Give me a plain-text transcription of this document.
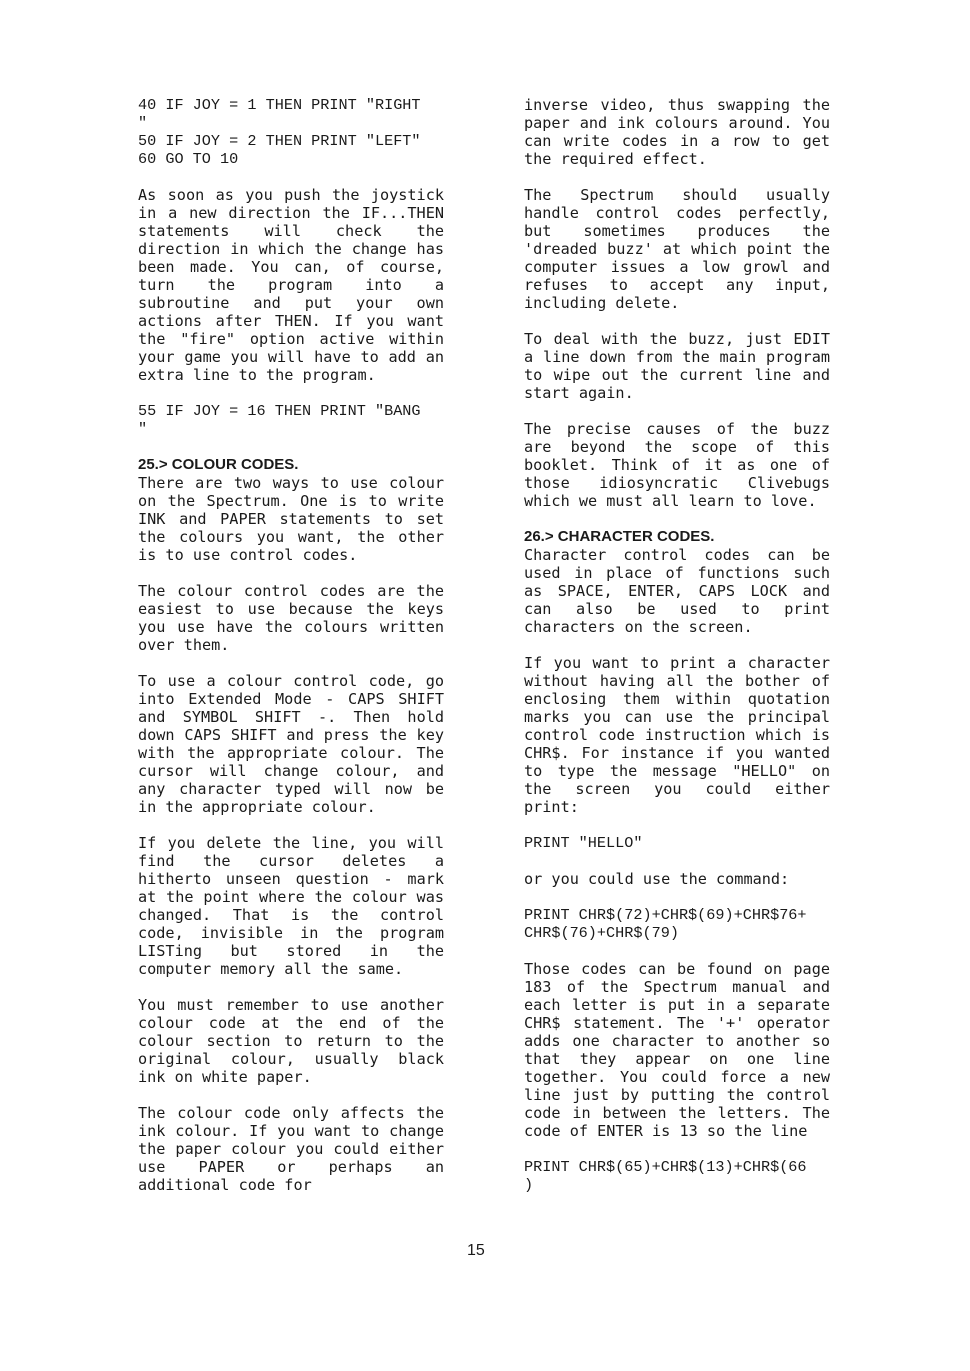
40 IF JOY = 1 THEN PRINT "RIGHT
"
50 IF JOY = 2 THEN PRINT "LEFT"
60 GO TO 10
As soon as you push the joystick in a new direction the IF...THEN statements will check the direction in which the change has been made. You can, of course, turn the program into a subroutine and put your own actions after THEN. If you want the "fire" option active within your game you will have to add an extra line to the program.
55 IF JOY = 16 THEN PRINT "BANG
"
25.> COLOUR CODES.
There are two ways to use colour on the Spectrum. One is to write INK and PAPER statements to set the colours you want, the other is to use control codes.
The colour control codes are the easiest to use because the keys you use have the colours written over them.
To use a colour control code, go into Extended Mode - CAPS SHIFT and SYMBOL SHIFT -. Then hold down CAPS SHIFT and press the key with the appropriate colour. The cursor will change colour, and any character typed will now be in the appropriate colour.
If you delete the line, you will find the cursor deletes a hitherto unseen question - mark at the point where the colour was changed. That is the control code, invisible in the program LISTing but stored in the computer memory all the same.
You must remember to use another colour code at the end of the colour section to return to the original colour, usually black ink on white paper.
The colour code only affects the ink colour. If you want to change the paper colour you could either use PAPER or perhaps an additional code for
inverse video, thus swapping the paper and ink colours around. You can write codes in a row to get the required effect.
The Spectrum should usually handle control codes perfectly, but sometimes produces the 'dreaded buzz' at which point the computer issues a low growl and refuses to accept any input, including delete.
To deal with the buzz, just EDIT a line down from the main program to wipe out the current line and start again.
The precise causes of the buzz are beyond the scope of this booklet. Think of it as one of those idiosyncratic Clivebugs which we must all learn to love.
26.> CHARACTER CODES.
Character control codes can be used in place of functions such as SPACE, ENTER, CAPS LOCK and can also be used to print characters on the screen.
If you want to print a character without having all the bother of enclosing them within quotation marks you can use the principal control code instruction which is CHR$. For instance if you wanted to type the message "HELLO" on the screen you could either print:
PRINT "HELLO"
or you could use the command:
PRINT CHR$(72)+CHR$(69)+CHR$76+
CHR$(76)+CHR$(79)
Those codes can be found on page 183 of the Spectrum manual and each letter is put in a separate CHR$ statement. The '+' operator adds one character to another so that they appear on one line together. You could force a new line just by putting the control code in between the letters. The code of ENTER is 13 so the line
PRINT CHR$(65)+CHR$(13)+CHR$(66
)
15
